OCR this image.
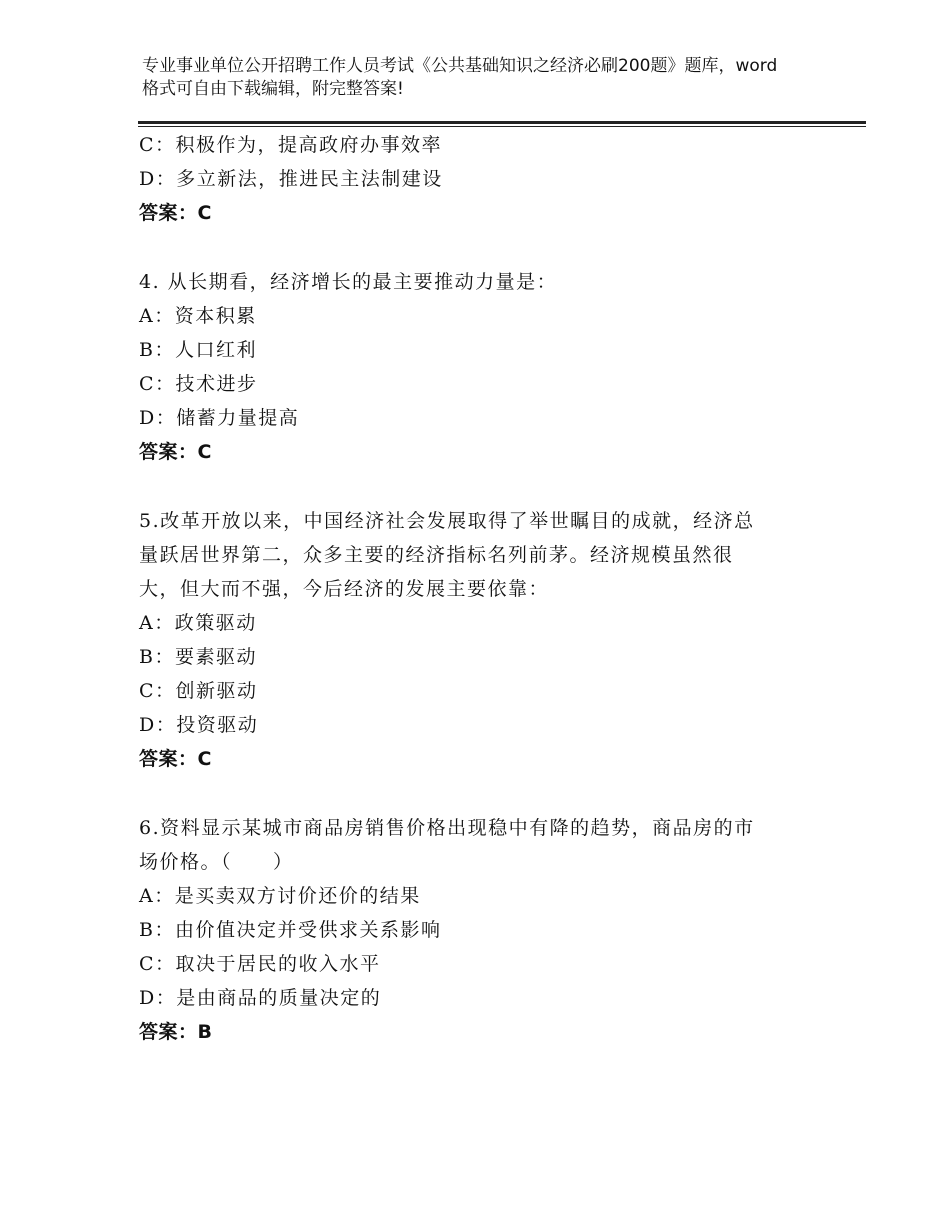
专业事业单位公开招聘工作人员考试《公共基础知识之经济必刷200题》题库，word格式可自由下载编辑，附完整答案!
C：积极作为，提高政府办事效率
D：多立新法，推进民主法制建设
答案：C
4. 从长期看，经济增长的最主要推动力量是：
A：资本积累
B：人口红利
C：技术进步
D：储蓄力量提高
答案：C
5.改革开放以来，中国经济社会发展取得了举世瞩目的成就，经济总
量跃居世界第二，众多主要的经济指标名列前茅。经济规模虽然很
大，但大而不强，今后经济的发展主要依靠：
A：政策驱动
B：要素驱动
C：创新驱动
D：投资驱动
答案：C
6.资料显示某城市商品房销售价格出现稳中有降的趋势，商品房的市
场价格。（　　）
A：是买卖双方讨价还价的结果
B：由价值决定并受供求关系影响
C：取决于居民的收入水平
D：是由商品的质量决定的
答案：B
